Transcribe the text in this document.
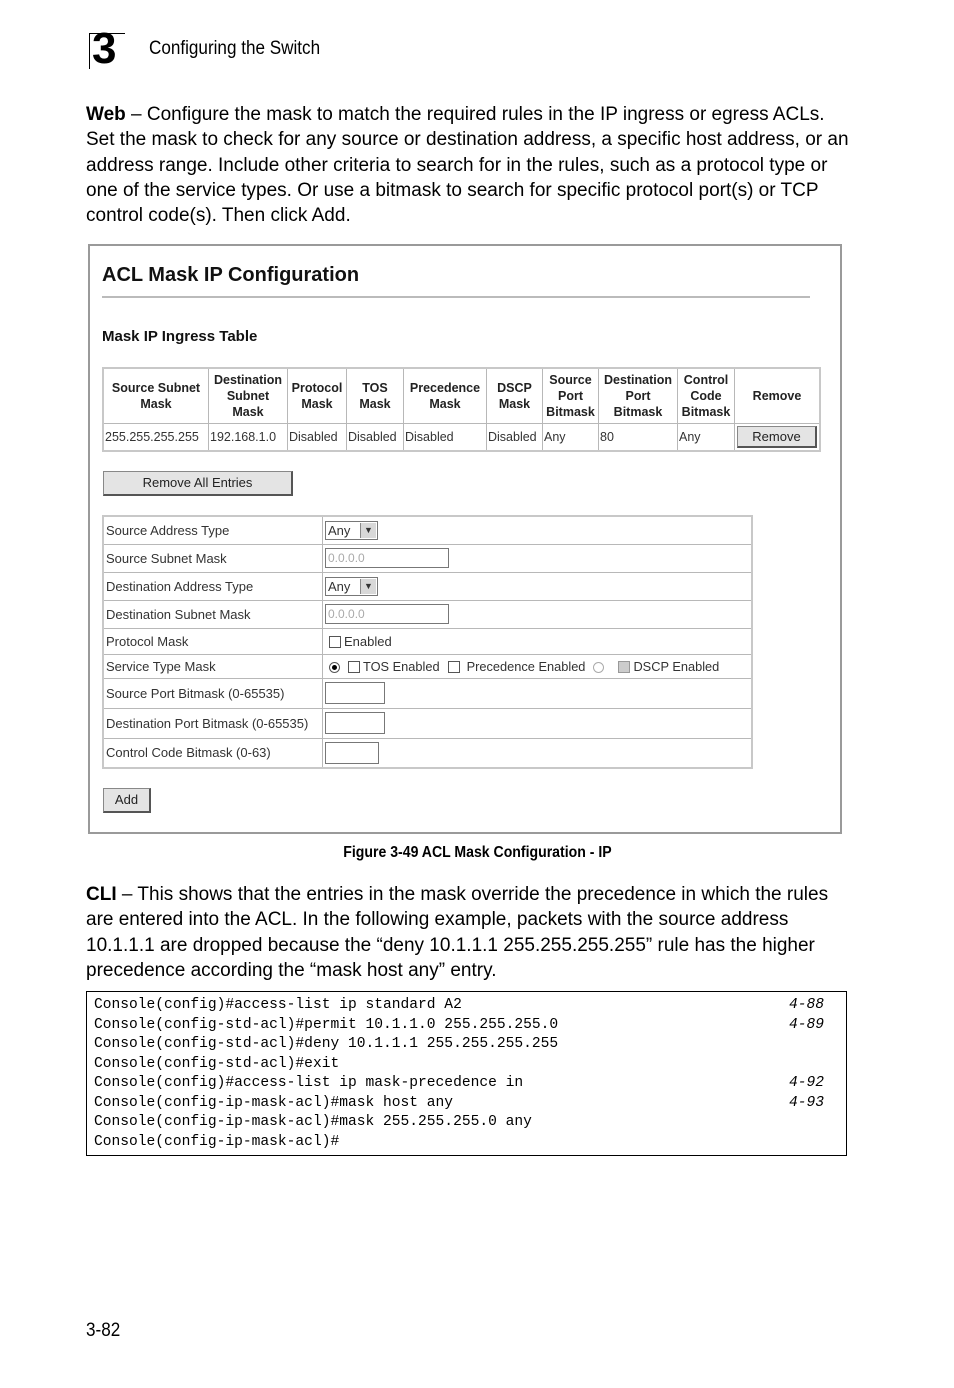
3 Configuring the Switch
Web – Configure the mask to match the required rules in the IP ingress or egress ACLs. Set the mask to check for any source or destination address, a specific host address, or an address range. Include other criteria to search for in the rules, such as a protocol type or one of the service types. Or use a bitmask to search for specific protocol port(s) or TCP control code(s). Then click Add.
ACL Mask IP Configuration
Mask IP Ingress Table
Source Subnet Mask	Destination Subnet Mask	Protocol Mask	TOS Mask	Precedence Mask	DSCP Mask	Source Port Bitmask	Destination Port Bitmask	Control Code Bitmask	Remove
255.255.255.255	192.168.1.0	Disabled	Disabled	Disabled	Disabled	Any	80	Any	Remove
Remove All Entries
Source Address Type	Any ▼

Source Subnet Mask	0.0.0.0
Destination Address Type	Any ▼

Destination Subnet Mask	0.0.0.0
Protocol Mask	Enabled
Service Type Mask	TOS Enabled Precedence Enabled DSCP Enabled
Source Port Bitmask (0-65535)	
Destination Port Bitmask (0-65535)	
Control Code Bitmask (0-63)	
Add
Figure 3-49 ACL Mask Configuration - IP
CLI – This shows that the entries in the mask override the precedence in which the rules are entered into the ACL. In the following example, packets with the source address 10.1.1.1 are dropped because the “deny 10.1.1.1 255.255.255.255” rule has the higher precedence according the “mask host any” entry.
Console(config)#access-list ip standard A2	4-88
Console(config-std-acl)#permit 10.1.1.0 255.255.255.0	4-89
Console(config-std-acl)#deny 10.1.1.1 255.255.255.255
Console(config-std-acl)#exit
Console(config)#access-list ip mask-precedence in	4-92
Console(config-ip-mask-acl)#mask host any	4-93
Console(config-ip-mask-acl)#mask 255.255.255.0 any
Console(config-ip-mask-acl)#
3-82
